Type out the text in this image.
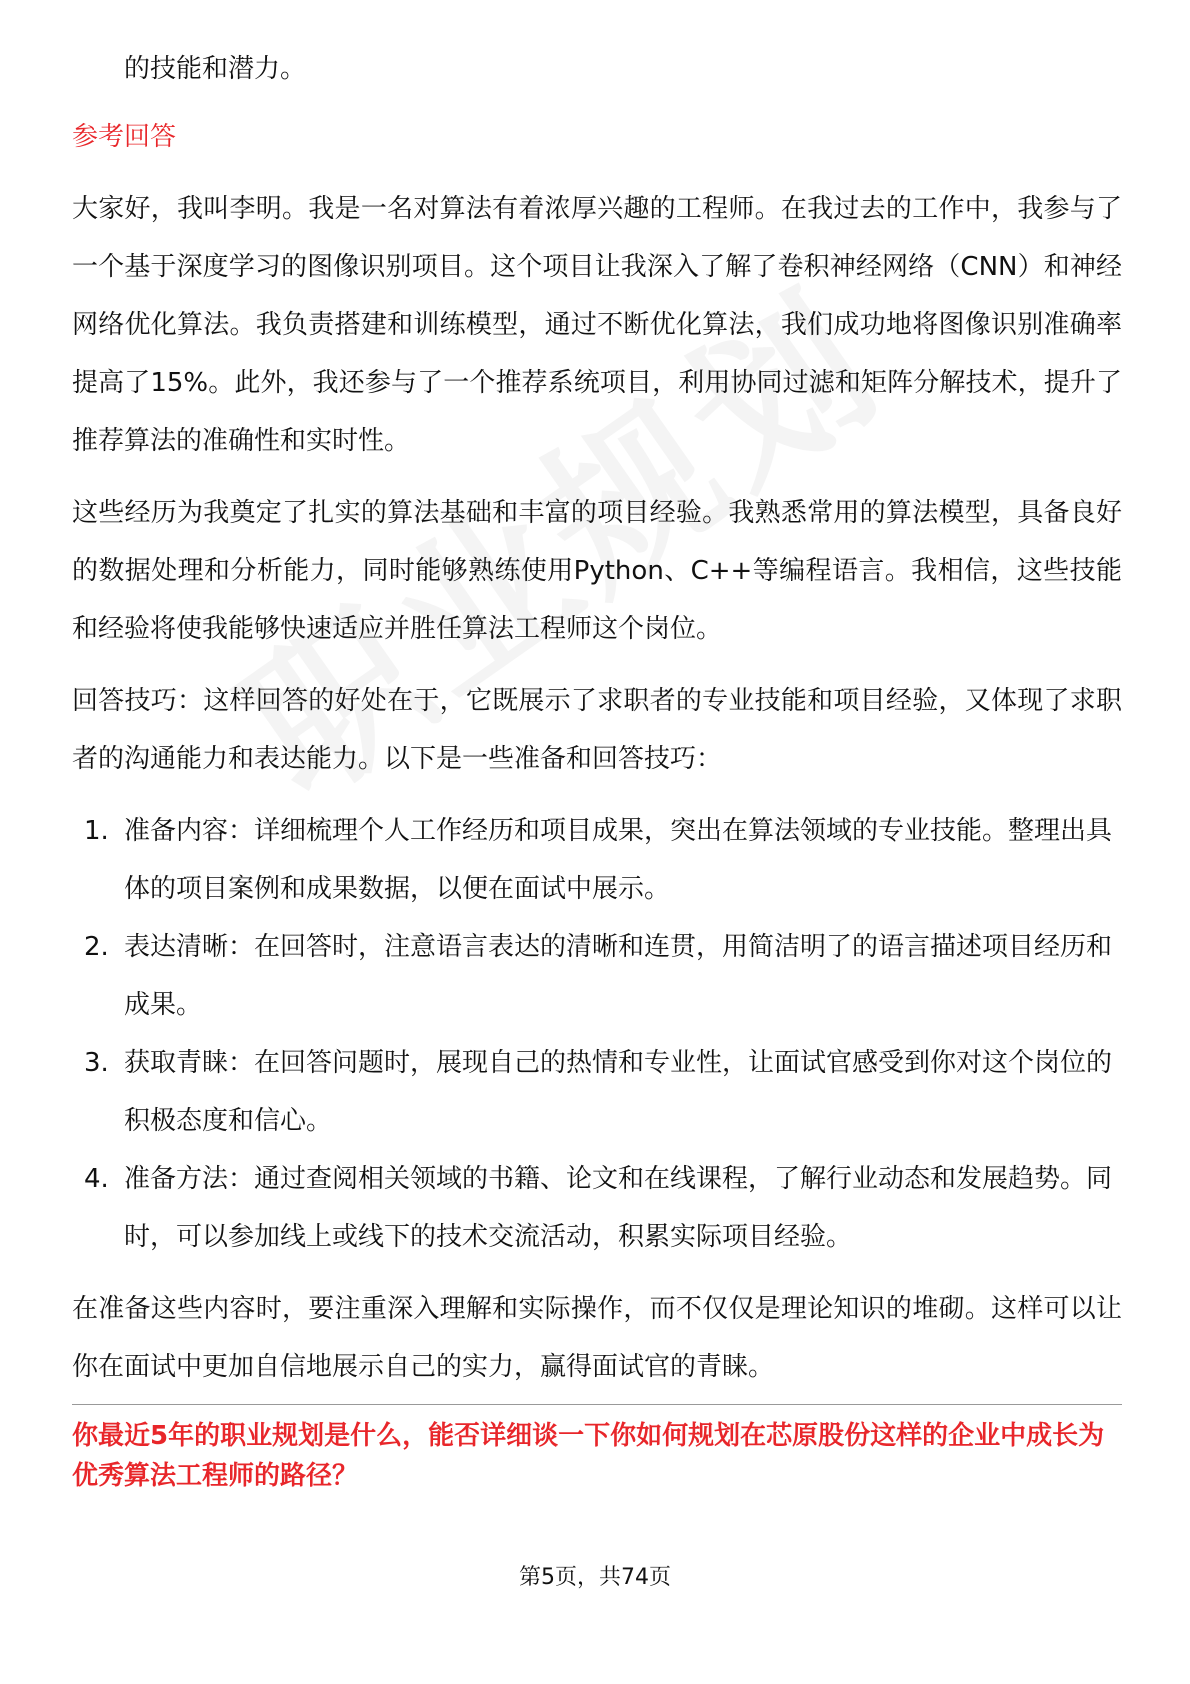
的技能和潜力。
参考回答

大家好，我叫李明。我是一名对算法有着浓厚兴趣的工程师。在我过去的工作中，我参与了一个基于深度学习的图像识别项目。这个项目让我深入了解了卷积神经网络（CNN）和神经网络优化算法。我负责搭建和训练模型，通过不断优化算法，我们成功地将图像识别准确率提高了15%。此外，我还参与了一个推荐系统项目，利用协同过滤和矩阵分解技术，提升了推荐算法的准确性和实时性。

这些经历为我奠定了扎实的算法基础和丰富的项目经验。我熟悉常用的算法模型，具备良好的数据处理和分析能力，同时能够熟练使用Python、C++等编程语言。我相信，这些技能和经验将使我能够快速适应并胜任算法工程师这个岗位。

回答技巧：这样回答的好处在于，它既展示了求职者的专业技能和项目经验，又体现了求职者的沟通能力和表达能力。以下是一些准备和回答技巧：

1. 准备内容：详细梳理个人工作经历和项目成果，突出在算法领域的专业技能。整理出具体的项目案例和成果数据，以便在面试中展示。
2. 表达清晰：在回答时，注意语言表达的清晰和连贯，用简洁明了的语言描述项目经历和成果。
3. 获取青睐：在回答问题时，展现自己的热情和专业性，让面试官感受到你对这个岗位的积极态度和信心。
4. 准备方法：通过查阅相关领域的书籍、论文和在线课程，了解行业动态和发展趋势。同时，可以参加线上或线下的技术交流活动，积累实际项目经验。

在准备这些内容时，要注重深入理解和实际操作，而不仅仅是理论知识的堆砌。这样可以让你在面试中更加自信地展示自己的实力，赢得面试官的青睐。

你最近5年的职业规划是什么，能否详细谈一下你如何规划在芯原股份这样的企业中成长为优秀算法工程师的路径？
第5页，共74页
